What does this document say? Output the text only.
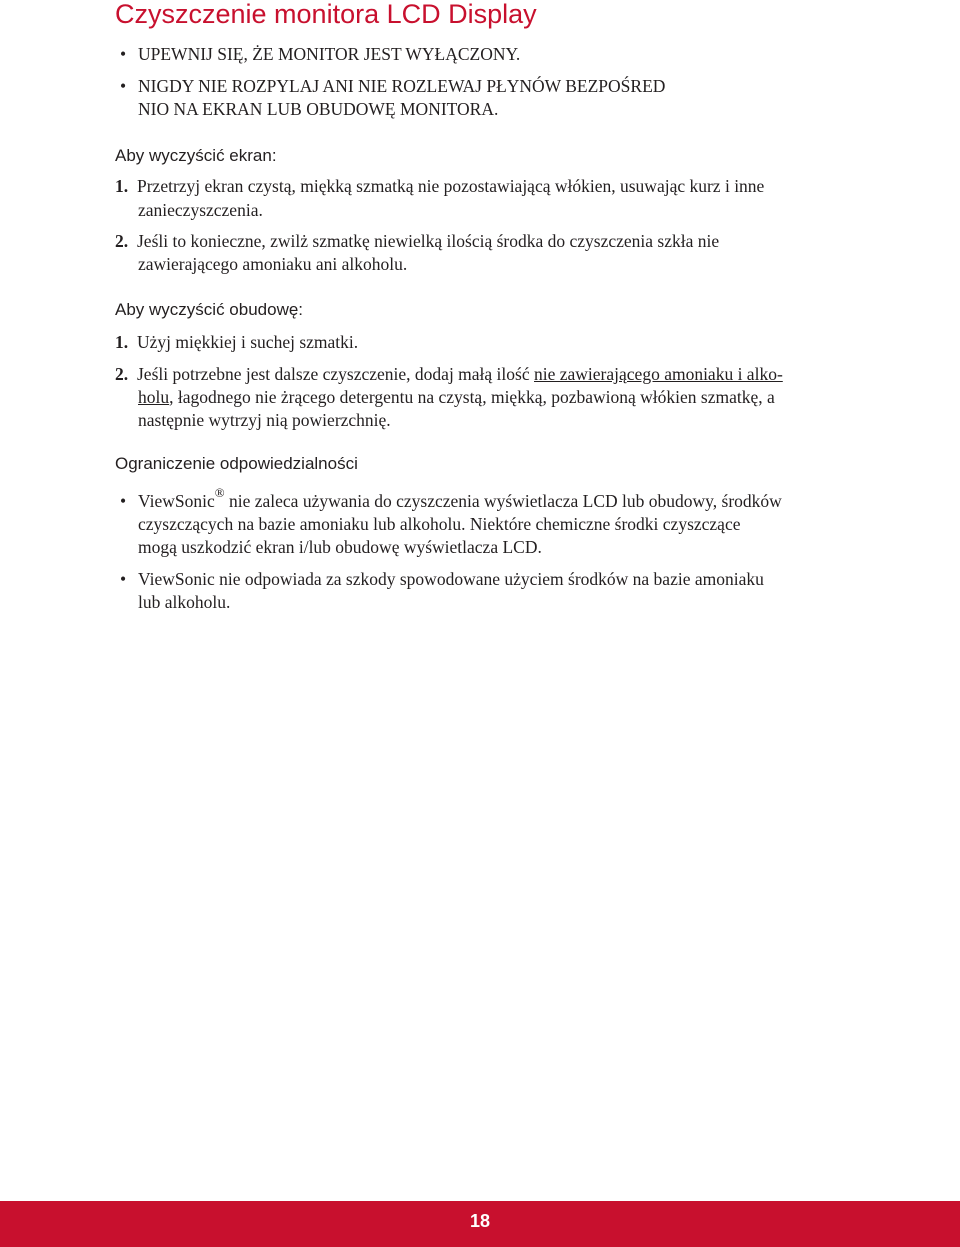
Czyszczenie monitora LCD Display
• UPEWNIJ SIĘ, ŻE MONITOR JEST WYŁĄCZONY.
• NIGDY NIE ROZPYLAJ ANI NIE ROZLEWAJ PŁYNÓW BEZPOŚRED
NIO NA EKRAN LUB OBUDOWĘ MONITORA.
Aby wyczyścić ekran:
1. Przetrzyj ekran czystą, miękką szmatką nie pozostawiającą włókien, usuwając kurz i inne
zanieczyszczenia.
2. Jeśli to konieczne, zwilż szmatkę niewielką ilością środka do czyszczenia szkła nie
zawierającego amoniaku ani alkoholu.
Aby wyczyścić obudowę:
1. Użyj miękkiej i suchej szmatki.
2. Jeśli potrzebne jest dalsze czyszczenie, dodaj małą ilość nie zawierającego amoniaku i alko-
holu, łagodnego nie żrącego detergentu na czystą, miękką, pozbawioną włókien szmatkę, a
następnie wytrzyj nią powierzchnię.
Ograniczenie odpowiedzialności
• ViewSonic® nie zaleca używania do czyszczenia wyświetlacza LCD lub obudowy, środków
czyszczących na bazie amoniaku lub alkoholu. Niektóre chemiczne środki czyszczące
mogą uszkodzić ekran i/lub obudowę wyświetlacza LCD.
• ViewSonic nie odpowiada za szkody spowodowane użyciem środków na bazie amoniaku
lub alkoholu.
18
